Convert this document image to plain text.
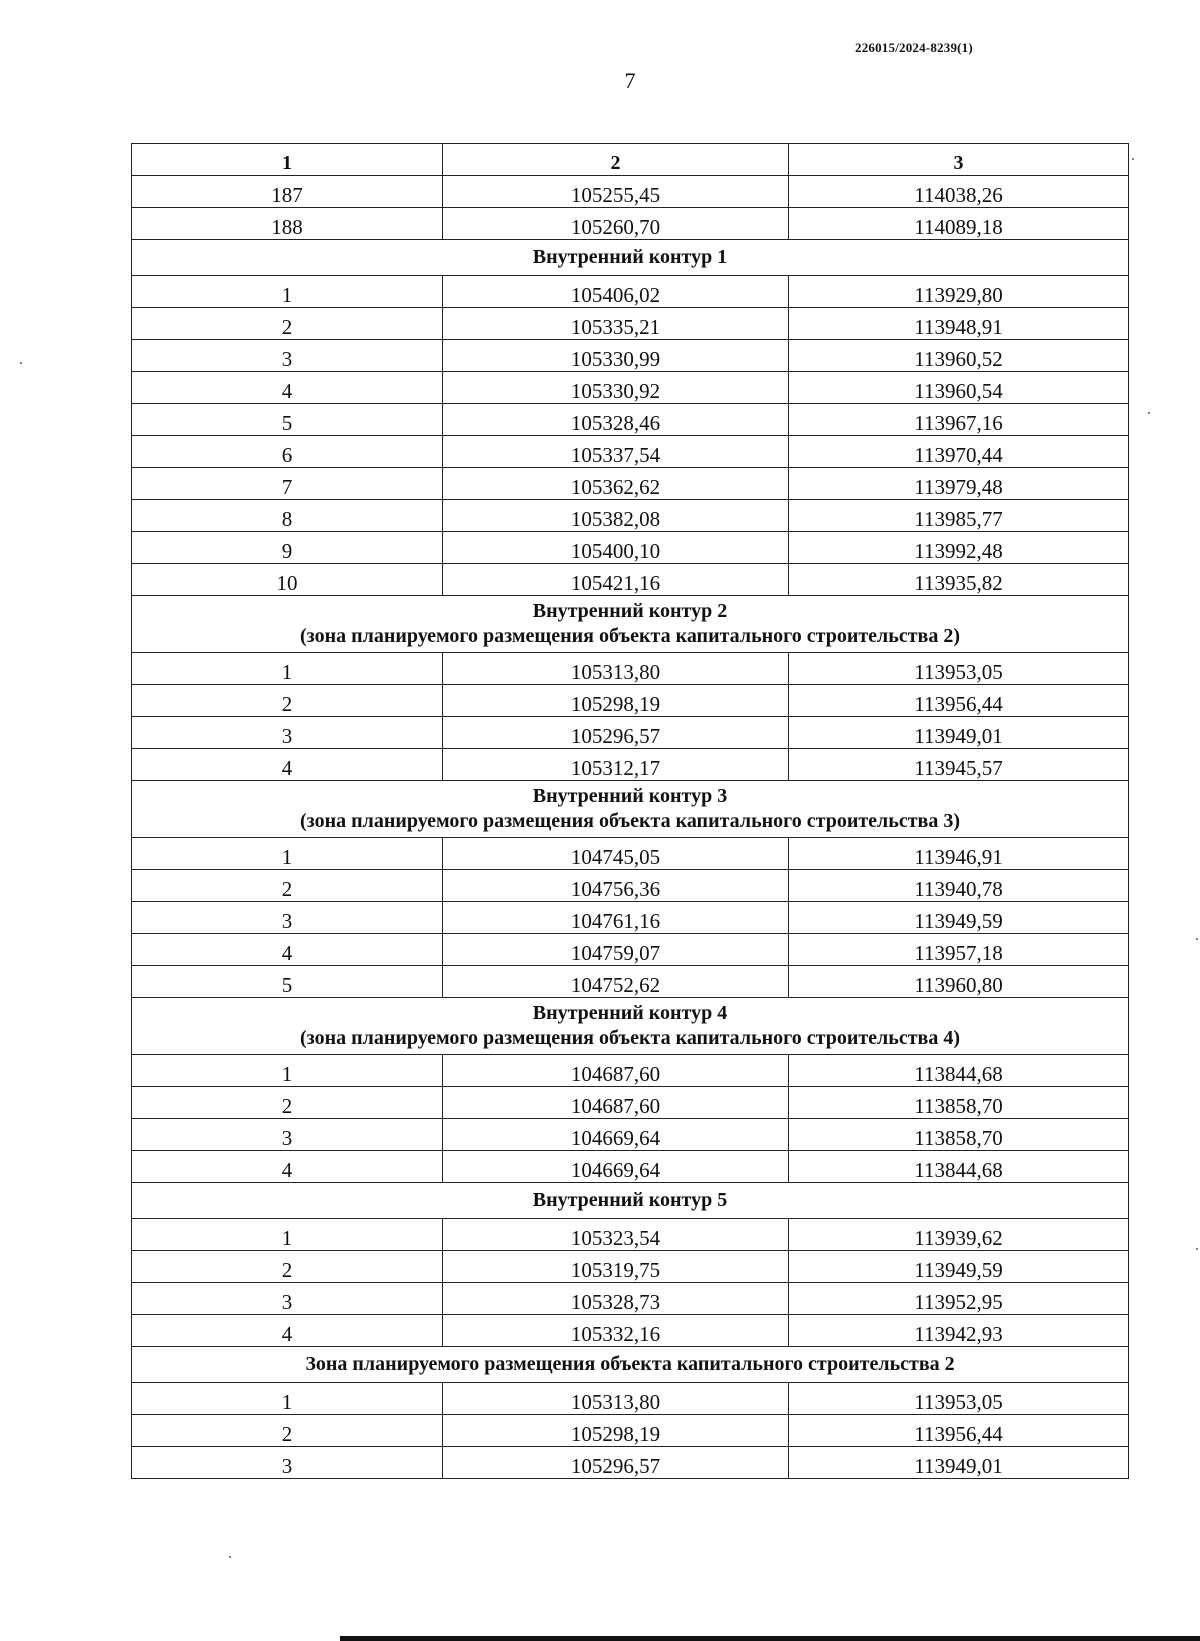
226015/2024-8239(1)
7
1	2	3
187	105255,45	114038,26
188	105260,70	114089,18

Внутренний контур 1		

1	105406,02	113929,80
2	105335,21	113948,91
3	105330,99	113960,52
4	105330,92	113960,54
5	105328,46	113967,16
6	105337,54	113970,44
7	105362,62	113979,48
8	105382,08	113985,77
9	105400,10	113992,48
10	105421,16	113935,82

Внутренний контур 2
(зона планируемого размещения объекта капитального строительства 2)		

1	105313,80	113953,05
2	105298,19	113956,44
3	105296,57	113949,01
4	105312,17	113945,57

Внутренний контур 3
(зона планируемого размещения объекта капитального строительства 3)		

1	104745,05	113946,91
2	104756,36	113940,78
3	104761,16	113949,59
4	104759,07	113957,18
5	104752,62	113960,80

Внутренний контур 4
(зона планируемого размещения объекта капитального строительства 4)		

1	104687,60	113844,68
2	104687,60	113858,70
3	104669,64	113858,70
4	104669,64	113844,68

Внутренний контур 5		

1	105323,54	113939,62
2	105319,75	113949,59
3	105328,73	113952,95
4	105332,16	113942,93

Зона планируемого размещения объекта капитального строительства 2		

1	105313,80	113953,05
2	105298,19	113956,44
3	105296,57	113949,01
